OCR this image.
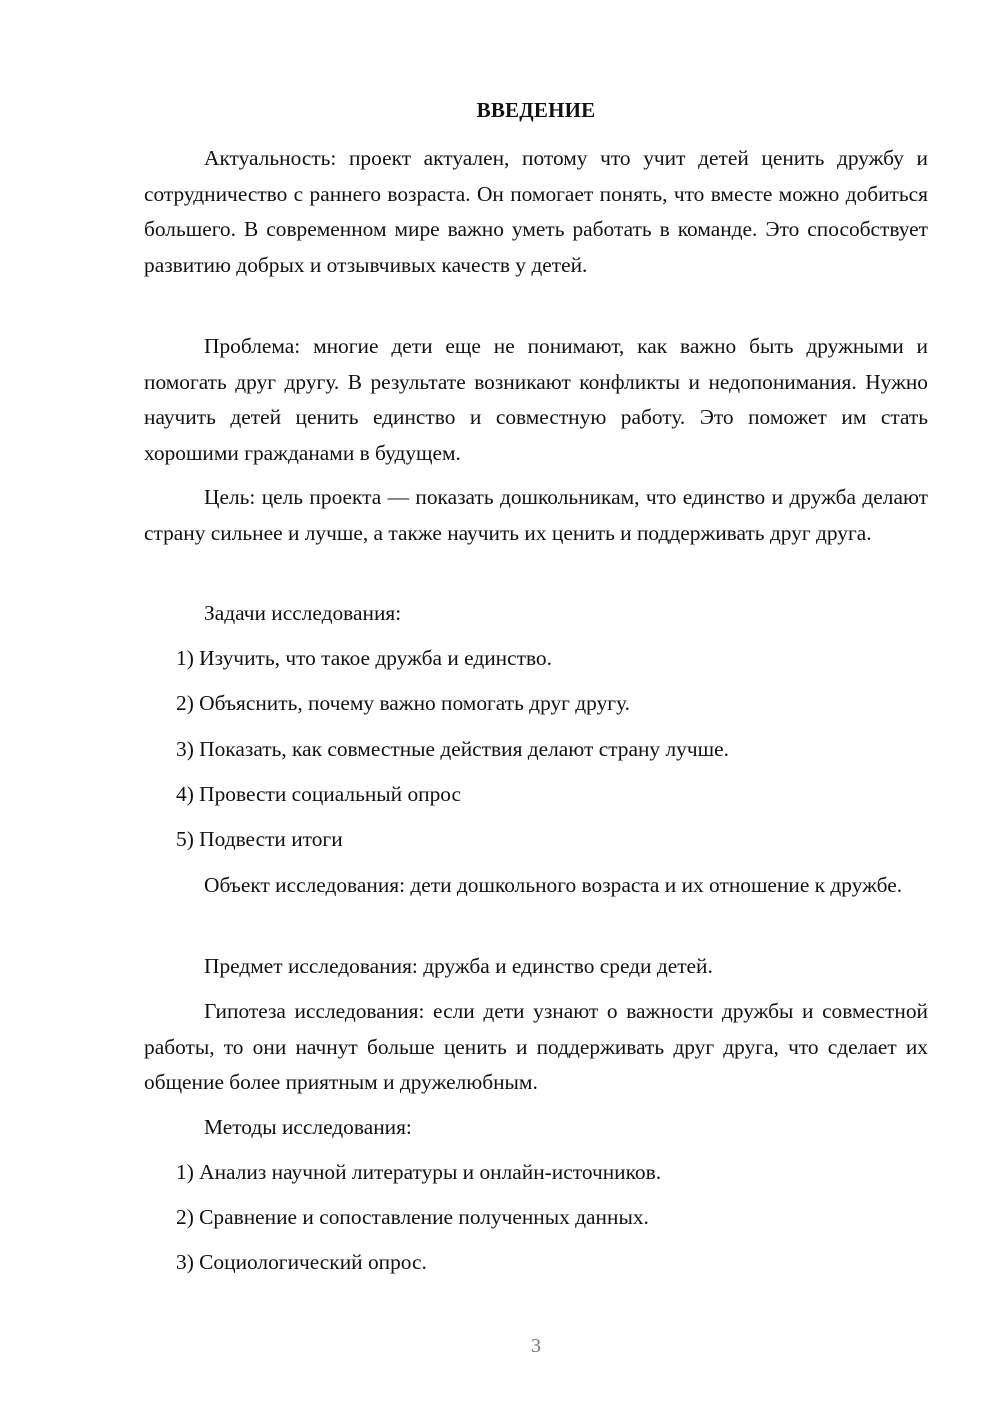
ВВЕДЕНИЕ
Актуальность: проект актуален, потому что учит детей ценить дружбу и сотрудничество с раннего возраста. Он помогает понять, что вместе можно добиться большего. В современном мире важно уметь работать в команде. Это способствует развитию добрых и отзывчивых качеств у детей.
Проблема: многие дети еще не понимают, как важно быть дружными и помогать друг другу. В результате возникают конфликты и недопонимания. Нужно научить детей ценить единство и совместную работу. Это поможет им стать хорошими гражданами в будущем.
Цель: цель проекта — показать дошкольникам, что единство и дружба делают страну сильнее и лучше, а также научить их ценить и поддерживать друг друга.
Задачи исследования:
1) Изучить, что такое дружба и единство.
2) Объяснить, почему важно помогать друг другу.
3) Показать, как совместные действия делают страну лучше.
4) Провести социальный опрос
5) Подвести итоги
Объект исследования: дети дошкольного возраста и их отношение к дружбе.
Предмет исследования: дружба и единство среди детей.
Гипотеза исследования: если дети узнают о важности дружбы и совместной работы, то они начнут больше ценить и поддерживать друг друга, что сделает их общение более приятным и дружелюбным.
Методы исследования:
1) Анализ научной литературы и онлайн-источников.
2) Сравнение и сопоставление полученных данных.
3) Социологический опрос.
3
